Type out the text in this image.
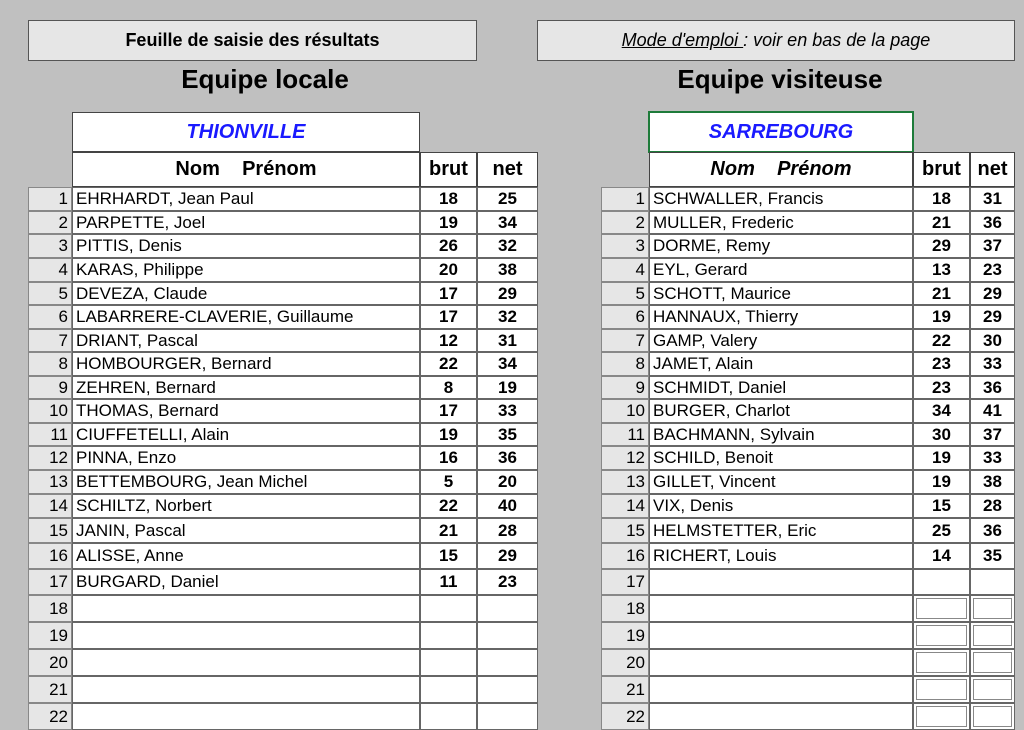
Feuille de saisie des résultats	Mode d'emploi : voir en bas de la page
Equipe locale	Equipe visiteuse
THIONVILLE	SARREBOURG
Nom    Prénom	brut	net
1 EHRHARDT, Jean Paul	18	25
2 PARPETTE, Joel	19	34
3 PITTIS, Denis	26	32
4 KARAS, Philippe	20	38
5 DEVEZA, Claude	17	29
6 LABARRERE-CLAVERIE, Guillaume	17	32
7 DRIANT, Pascal	12	31
8 HOMBOURGER, Bernard	22	34
9 ZEHREN, Bernard	8	19
10 THOMAS, Bernard	17	33
11 CIUFFETELLI, Alain	19	35
12 PINNA, Enzo	16	36
13 BETTEMBOURG, Jean Michel	5	20
14 SCHILTZ, Norbert	22	40
15 JANIN, Pascal	21	28
16 ALISSE, Anne	15	29
17 BURGARD, Daniel	11	23
18
19
20
21
22
Nom    Prénom	brut net
1 SCHWALLER, Francis	18	31
2 MULLER, Frederic	21	36
3 DORME, Remy	29	37
4 EYL, Gerard	13	23
5 SCHOTT, Maurice	21	29
6 HANNAUX, Thierry	19	29
7 GAMP, Valery	22	30
8 JAMET, Alain	23	33
9 SCHMIDT, Daniel	23	36
10 BURGER, Charlot	34	41
11 BACHMANN, Sylvain	30	37
12 SCHILD, Benoit	19	33
13 GILLET, Vincent	19	38
14 VIX, Denis	15	28
15 HELMSTETTER, Eric	25	36
16 RICHERT, Louis	14	35
17
18
19
20
21
22
